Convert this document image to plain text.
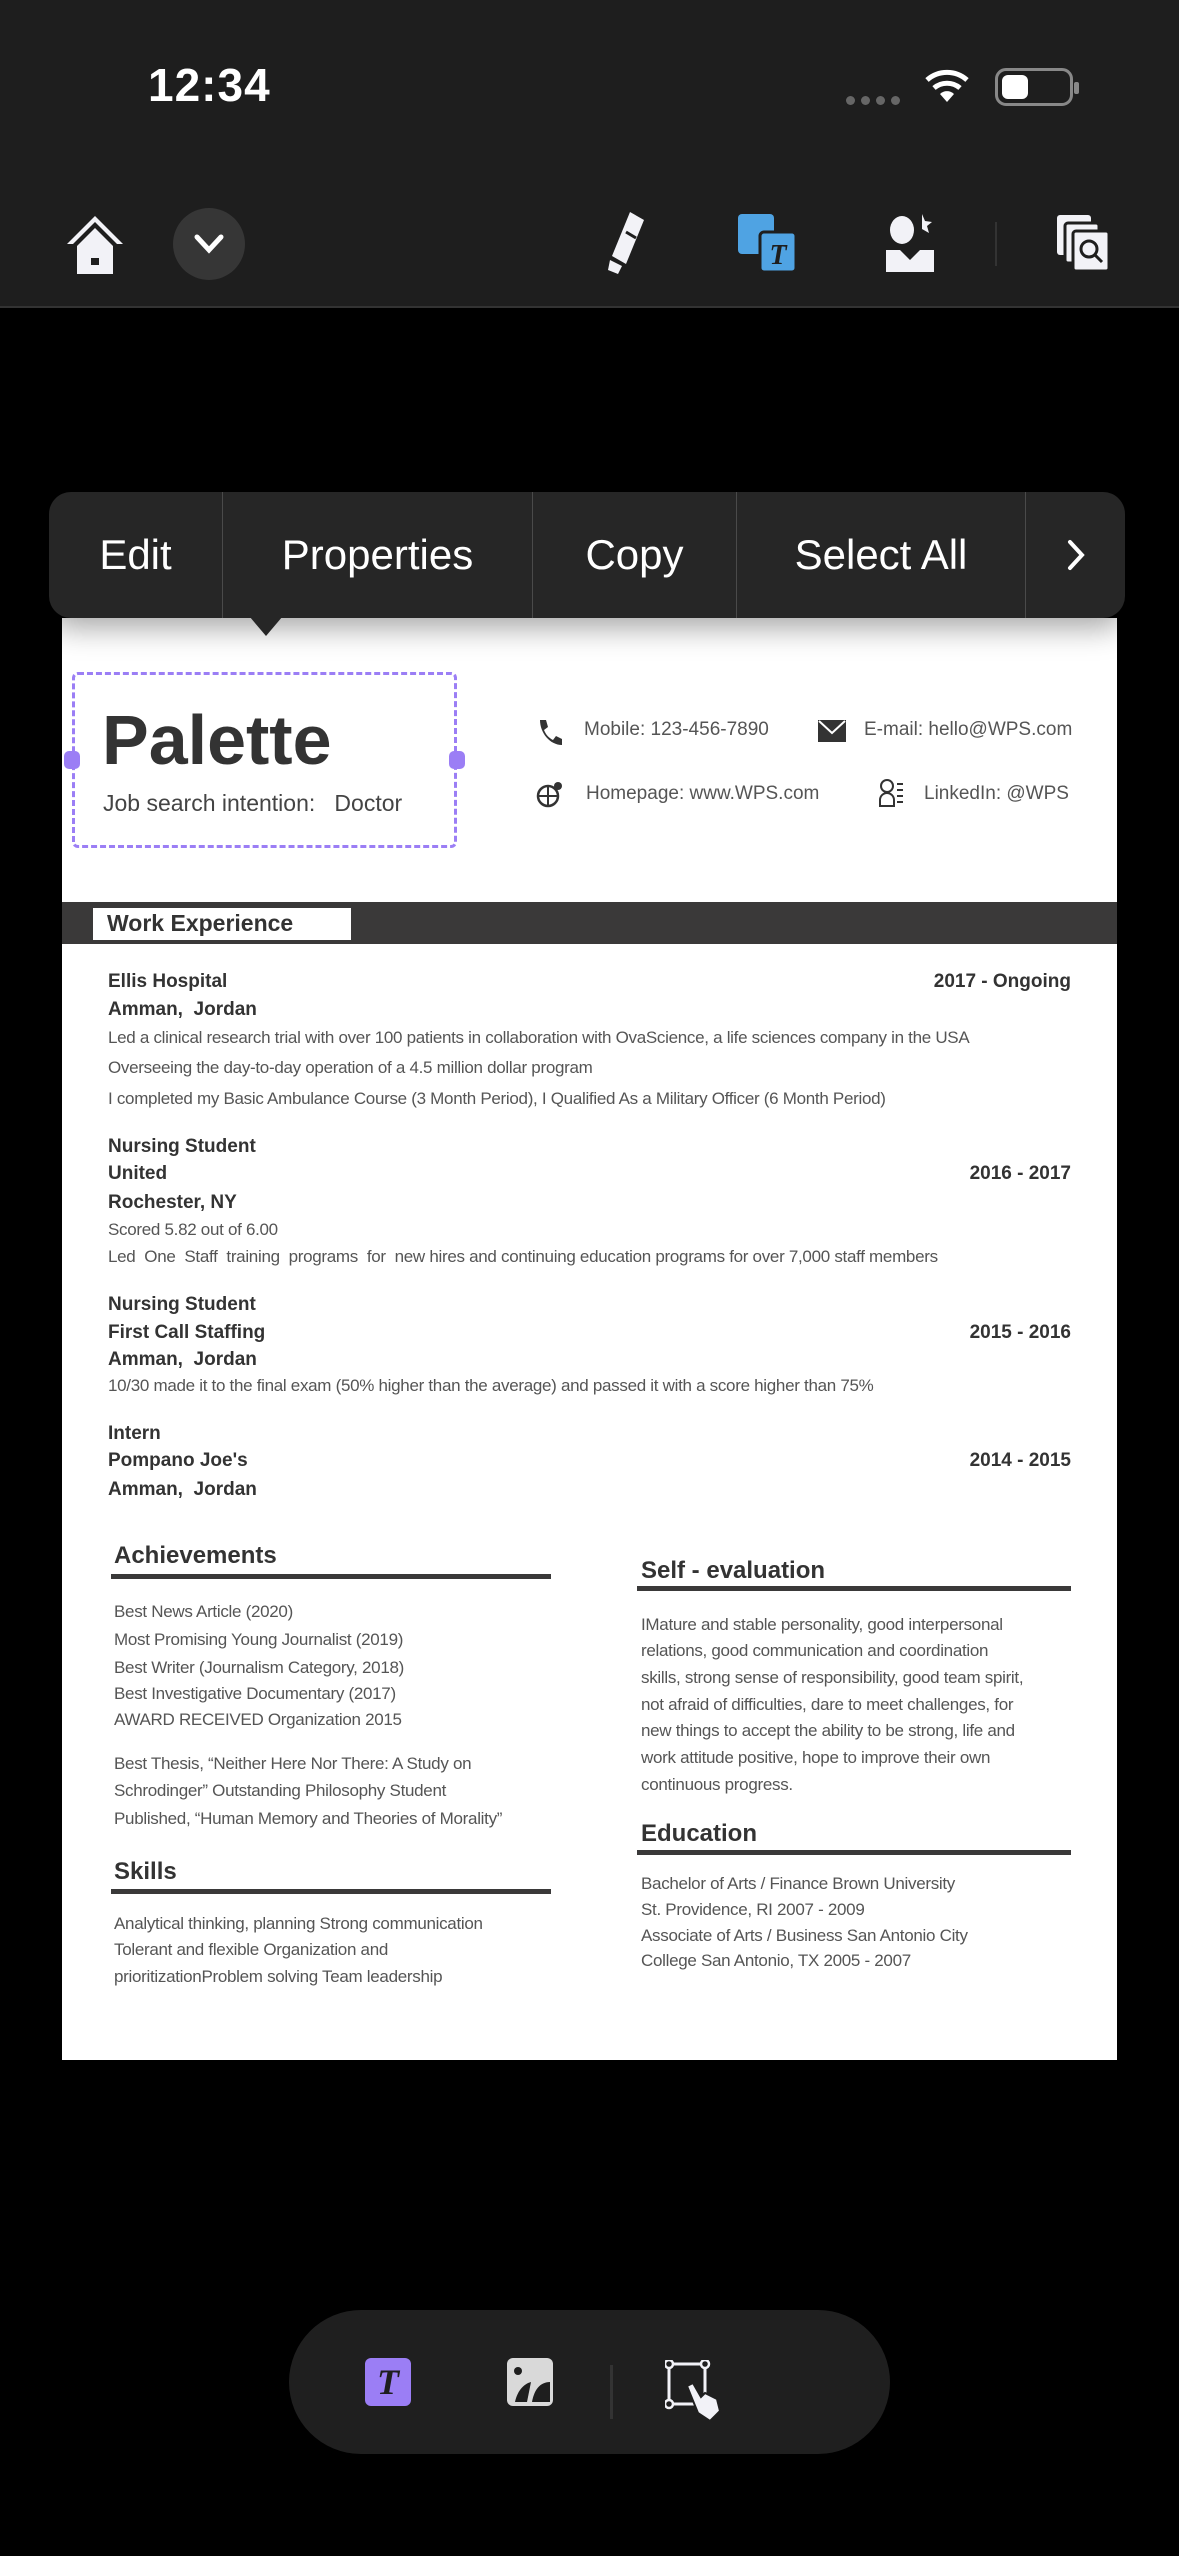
12:34
T
Edit	Properties	Copy	Select All
Palette
Job search intention:   Doctor
Mobile: 123-456-7890	E-mail: hello@WPS.com
Homepage: www.WPS.com	LinkedIn: @WPS
Work Experience
Ellis Hospital	2017 - Ongoing
Amman,  Jordan
Led a clinical research trial with over 100 patients in collaboration with OvaScience, a life sciences company in the USA
Overseeing the day-to-day operation of a 4.5 million dollar program
I completed my Basic Ambulance Course (3 Month Period), I Qualified As a Military Officer (6 Month Period)
Nursing Student
United	2016 - 2017
Rochester, NY
Scored 5.82 out of 6.00
Led  One  Staff  training  programs  for  new hires and continuing education programs for over 7,000 staff members
Nursing Student
First Call Staffing	2015 - 2016
Amman,  Jordan
10/30 made it to the final exam (50% higher than the average) and passed it with a score higher than 75%
Intern
Pompano Joe's	2014 - 2015
Amman,  Jordan
Achievements
Best News Article (2020)
Most Promising Young Journalist (2019)
Best Writer (Journalism Category, 2018)
Best Investigative Documentary (2017)
AWARD RECEIVED Organization 2015
Best Thesis, “Neither Here Nor There: A Study on
Schrodinger” Outstanding Philosophy Student
Published, “Human Memory and Theories of Morality”
Skills
Analytical thinking, planning Strong communication
Tolerant and flexible Organization and
prioritizationProblem solving Team leadership
Self - evaluation
IMature and stable personality, good interpersonal
relations, good communication and coordination
skills, strong sense of responsibility, good team spirit,
not afraid of difficulties, dare to meet challenges, for
new things to accept the ability to be strong, life and
work attitude positive, hope to improve their own
continuous progress.
Education
Bachelor of Arts / Finance Brown University
St. Providence, RI 2007 - 2009
Associate of Arts / Business San Antonio City
College San Antonio, TX 2005 - 2007
T
